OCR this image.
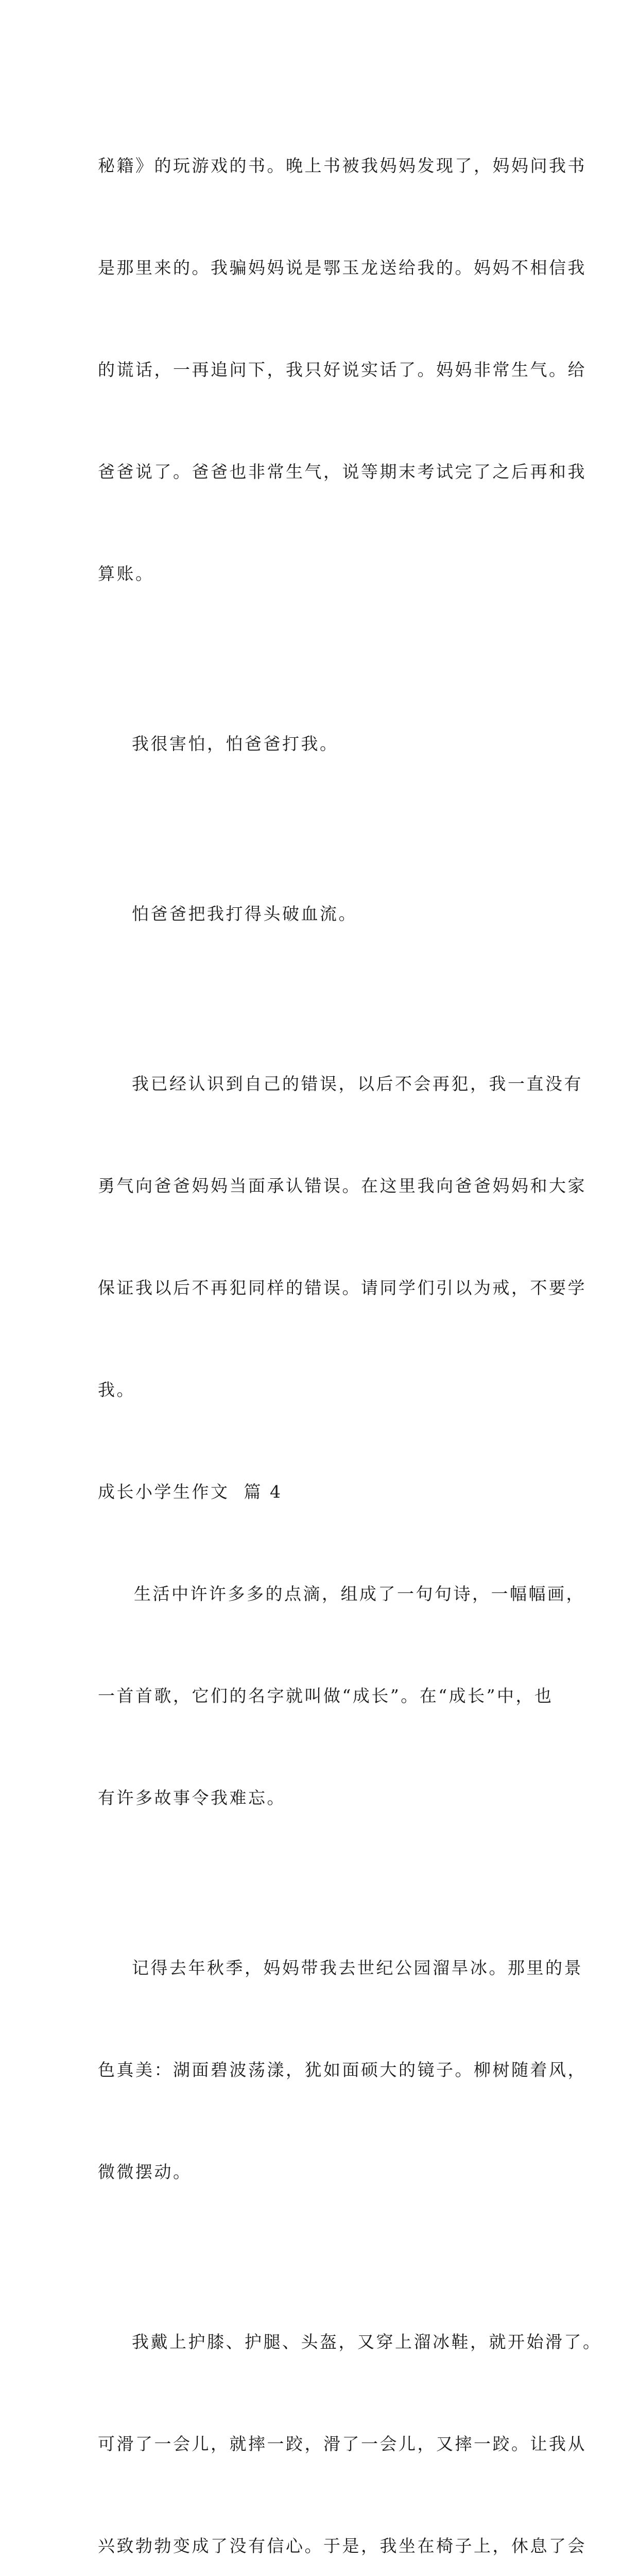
秘籍》的玩游戏的书。晚上书被我妈妈发现了，妈妈问我书

是那里来的。我骗妈妈说是鄂玉龙送给我的。妈妈不相信我

的谎话，一再追问下，我只好说实话了。妈妈非常生气。给

爸爸说了。爸爸也非常生气，说等期末考试完了之后再和我

算账。

我很害怕，怕爸爸打我。

怕爸爸把我打得头破血流。

我已经认识到自己的错误，以后不会再犯，我一直没有

勇气向爸爸妈妈当面承认错误。在这里我向爸爸妈妈和大家

保证我以后不再犯同样的错误。请同学们引以为戒，不要学

我。

成长小学生作文  篇 4

生活中许许多多的点滴，组成了一句句诗，一幅幅画，

一首首歌，它们的名字就叫做“成长”。在“成长”中，也

有许多故事令我难忘。

记得去年秋季，妈妈带我去世纪公园溜旱冰。那里的景

色真美：湖面碧波荡漾，犹如面硕大的镜子。柳树随着风，

微微摆动。

我戴上护膝、护腿、头盔，又穿上溜冰鞋，就开始滑了。

可滑了一会儿，就摔一跤，滑了一会儿，又摔一跤。让我从

兴致勃勃变成了没有信心。于是，我坐在椅子上，休息了会
